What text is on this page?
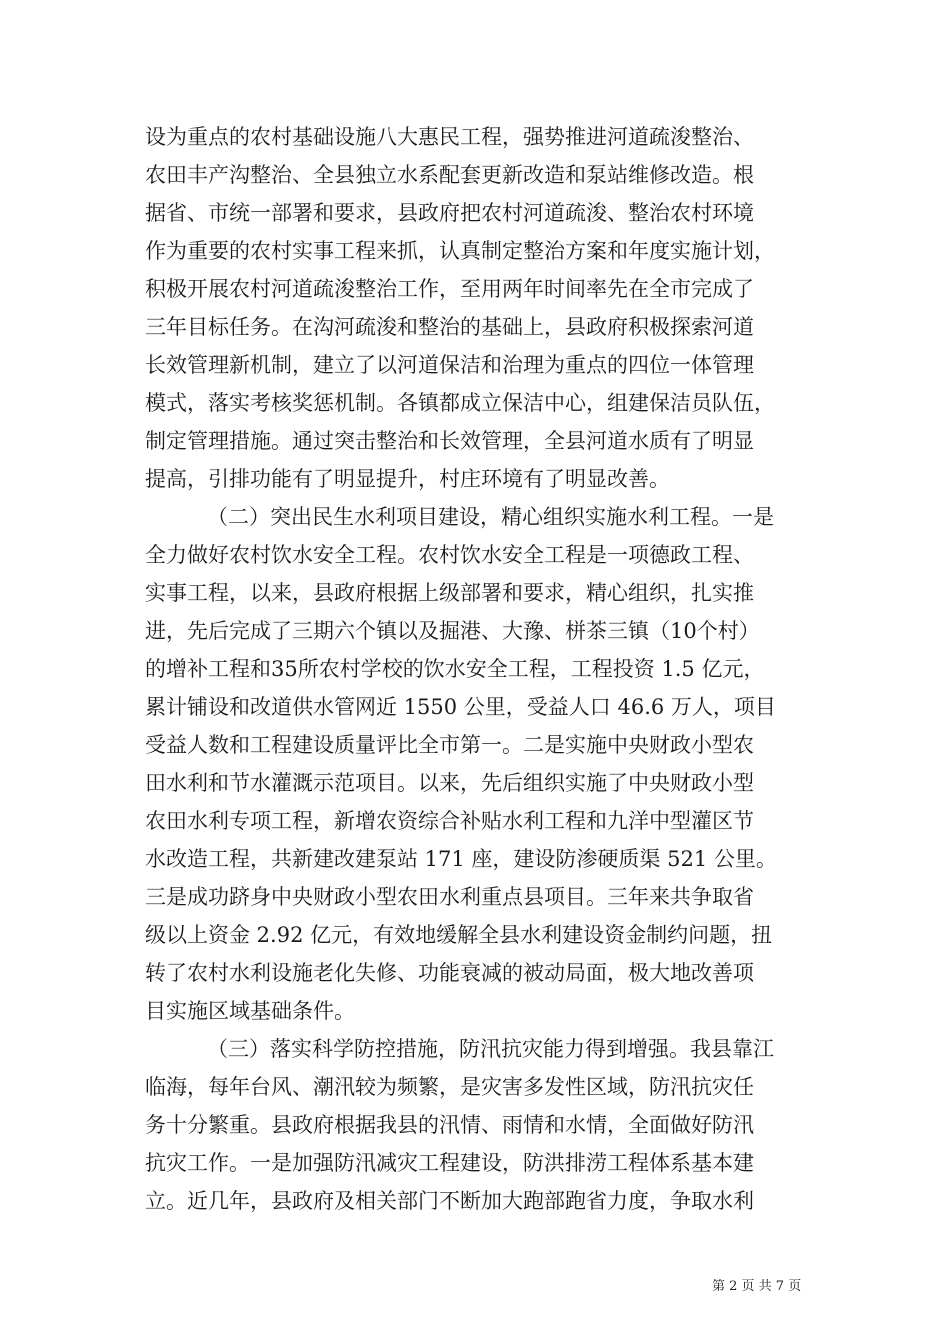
设为重点的农村基础设施八大惠民工程，强势推进河道疏浚整治、
农田丰产沟整治、全县独立水系配套更新改造和泵站维修改造。根
据省、市统一部署和要求，县政府把农村河道疏浚、整治农村环境
作为重要的农村实事工程来抓，认真制定整治方案和年度实施计划，
积极开展农村河道疏浚整治工作，至用两年时间率先在全市完成了
三年目标任务。在沟河疏浚和整治的基础上，县政府积极探索河道
长效管理新机制，建立了以河道保洁和治理为重点的四位一体管理
模式，落实考核奖惩机制。各镇都成立保洁中心，组建保洁员队伍，
制定管理措施。通过突击整治和长效管理，全县河道水质有了明显
提高，引排功能有了明显提升，村庄环境有了明显改善。
（二）突出民生水利项目建设，精心组织实施水利工程。一是
全力做好农村饮水安全工程。农村饮水安全工程是一项德政工程、
实事工程，以来，县政府根据上级部署和要求，精心组织，扎实推
进，先后完成了三期六个镇以及掘港、大豫、栟茶三镇（10个村）
的增补工程和35所农村学校的饮水安全工程，工程投资 1.5 亿元，
累计铺设和改道供水管网近 1550 公里，受益人口 46.6 万人，项目
受益人数和工程建设质量评比全市第一。二是实施中央财政小型农
田水利和节水灌溉示范项目。以来，先后组织实施了中央财政小型
农田水利专项工程，新增农资综合补贴水利工程和九洋中型灌区节
水改造工程，共新建改建泵站 171 座，建设防渗硬质渠 521 公里。
三是成功跻身中央财政小型农田水利重点县项目。三年来共争取省
级以上资金 2.92 亿元，有效地缓解全县水利建设资金制约问题，扭
转了农村水利设施老化失修、功能衰减的被动局面，极大地改善项
目实施区域基础条件。
（三）落实科学防控措施，防汛抗灾能力得到增强。我县靠江
临海，每年台风、潮汛较为频繁，是灾害多发性区域，防汛抗灾任
务十分繁重。县政府根据我县的汛情、雨情和水情，全面做好防汛
抗灾工作。一是加强防汛减灾工程建设，防洪排涝工程体系基本建
立。近几年，县政府及相关部门不断加大跑部跑省力度，争取水利
第 2 页 共 7 页
